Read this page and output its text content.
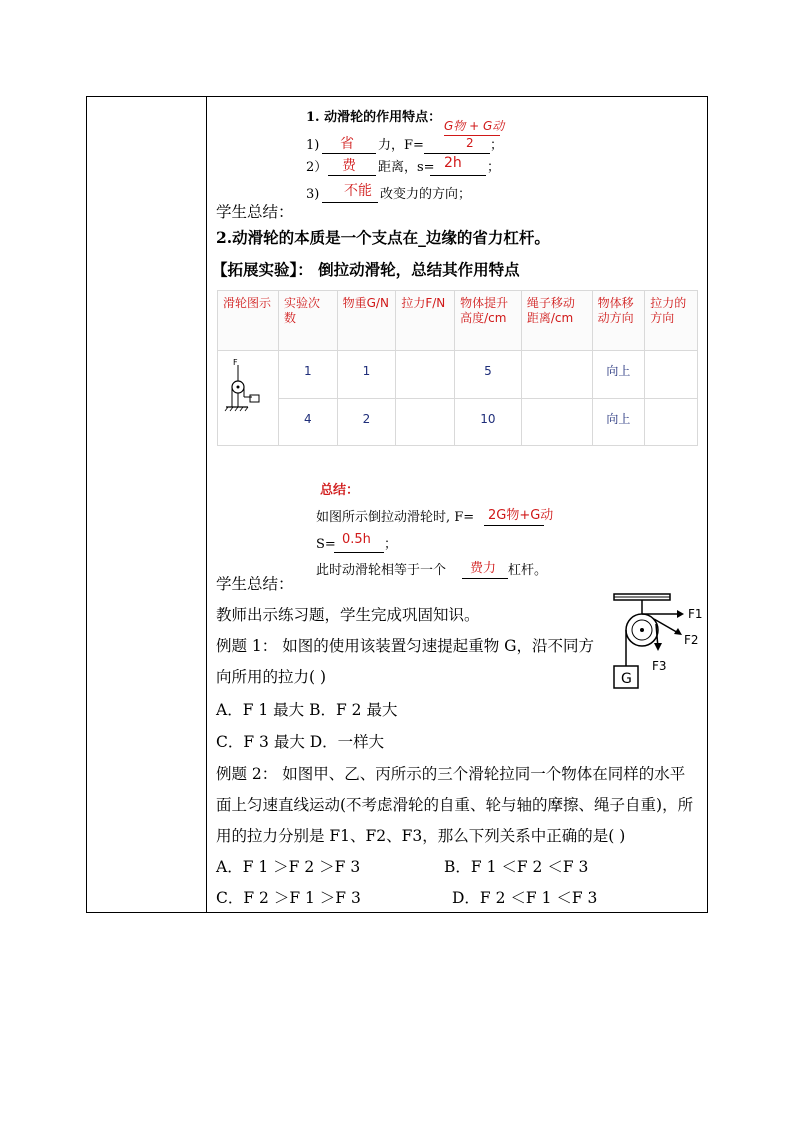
1. 动滑轮的作用特点：
G物 + G动
2
1) 省 力，F=	；
2） 费 距离，s= 2h ；
3) 不能 改变力的方向；
学生总结：
2.动滑轮的本质是一个支点在_边缘的省力杠杆。
【拓展实验】： 倒拉动滑轮，总结其作用特点
滑轮图示	实验次数	物重G/N	拉力F/N	物体提升高度/cm	绳子移动距离/cm	物体移动方向	拉力的方向

F	1	1		5		向上	
	4	2		10		向上	
总结：
如图所示倒拉动滑轮时, F= 2G物+G动
S= 0.5h ；
此时动滑轮相等于一个 费力 杠杆。
学生总结：
教师出示练习题，学生完成巩固知识。
例题 1： 如图的使用该装置匀速提起重物 G，沿不同方
向所用的拉力( )
A．F 1 最大 B．F 2 最大
C．F 3 最大 D．一样大
G
F1
F2
F3
例题 2： 如图甲、乙、丙所示的三个滑轮拉同一个物体在同样的水平
面上匀速直线运动(不考虑滑轮的自重、轮与轴的摩擦、绳子自重)，所
用的拉力分别是 F1、F2、F3，那么下列关系中正确的是( )
A．F 1 ＞F 2 ＞F 3	B．F 1 ＜F 2 ＜F 3
C．F 2 ＞F 1 ＞F 3	D．F 2 ＜F 1 ＜F 3
